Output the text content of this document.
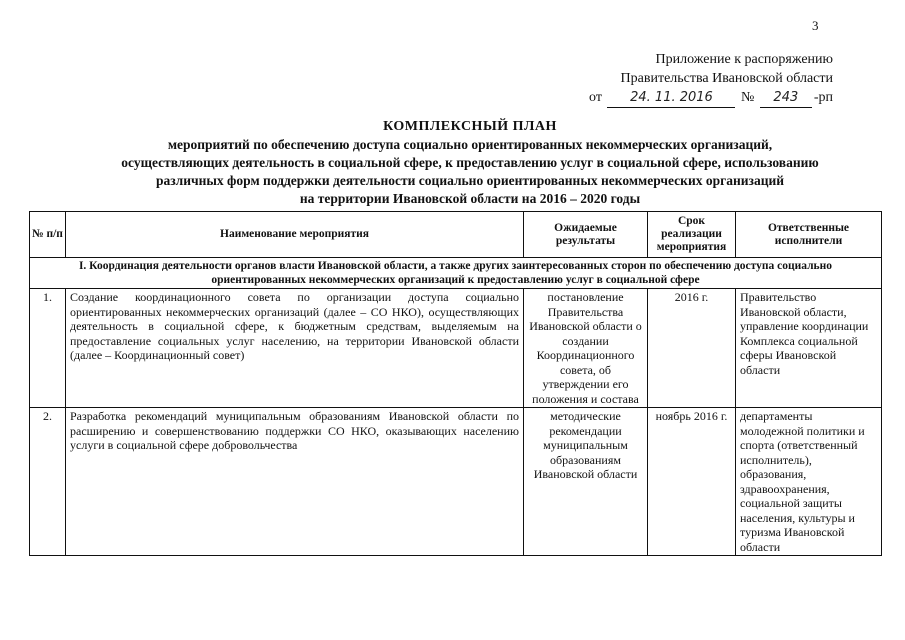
3
Приложение к распоряжению
Правительства Ивановской области
от 24. 11. 2016 № 243 -рп
КОМПЛЕКСНЫЙ ПЛАН
мероприятий по обеспечению доступа социально ориентированных некоммерческих организаций,
осуществляющих деятельность в социальной сфере, к предоставлению услуг в социальной сфере, использованию
различных форм поддержки деятельности социально ориентированных некоммерческих организаций
на территории Ивановской области на 2016 – 2020 годы
№ п/п	Наименование мероприятия	Ожидаемые результаты	Срок реализации мероприятия	Ответственные исполнители
I. Координация деятельности органов власти Ивановской области, а также других заинтересованных сторон по обеспечению доступа социально ориентированных некоммерческих организаций к предоставлению услуг в социальной сфере				
1.	Создание координационного совета по организации доступа социально ориентированных некоммерческих организаций (далее – СО НКО), осуществляющих деятельность в социальной сфере, к бюджетным средствам, выделяемым на предоставление социальных услуг населению, на территории Ивановской области (далее – Координационный совет)	постановление Правительства Ивановской области о создании Координационного совета, об утверждении его положения и состава	2016 г.	Правительство Ивановской области, управление координации Комплекса социальной сферы Ивановской области
2.	Разработка рекомендаций муниципальным образованиям Ивановской области по расширению и совершенствованию поддержки СО НКО, оказывающих населению услуги в социальной сфере добровольчества	методические рекомендации муниципальным образованиям Ивановской области	ноябрь 2016 г.	департаменты молодежной политики и спорта (ответственный исполнитель), образования, здравоохранения, социальной защиты населения, культуры и туризма Ивановской области
